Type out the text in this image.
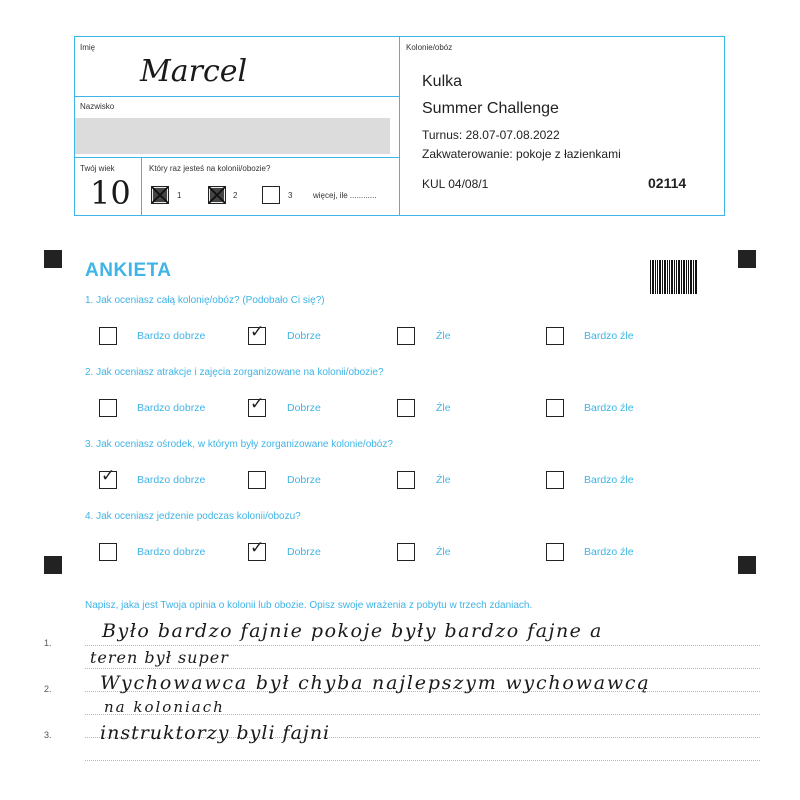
Imię
Marcel
Nazwisko
Twój wiek
10
Który raz jesteś na kolonii/obozie?
1	2	3	więcej, ile ............
Kolonie/obóz
Kulka
Summer Challenge
Turnus: 28.07-07.08.2022
Zakwaterowanie: pokoje z łazienkami
KUL 04/08/1	02114
ANKIETA
1. Jak oceniasz całą kolonię/obóz? (Podobało Ci się?)
Bardzo dobrze	✓ Dobrze	Źle	Bardzo źle
2. Jak oceniasz atrakcje i zajęcia zorganizowane na kolonii/obozie?
Bardzo dobrze	✓ Dobrze	Źle	Bardzo źle
3. Jak oceniasz ośrodek, w którym były zorganizowane kolonie/obóz?
✓ Bardzo dobrze	Dobrze	Źle	Bardzo źle
4. Jak oceniasz jedzenie podczas kolonii/obozu?
Bardzo dobrze	✓ Dobrze	Źle	Bardzo źle
Napisz, jaka jest Twoja opinia o kolonii lub obozie. Opisz swoje wrażenia z pobytu w trzech zdaniach.
1.
2.
3.
Było bardzo fajnie pokoje były bardzo fajne a
teren był super
Wychowawca był chyba najlepszym wychowawcą
na koloniach
instruktorzy byli fajni
